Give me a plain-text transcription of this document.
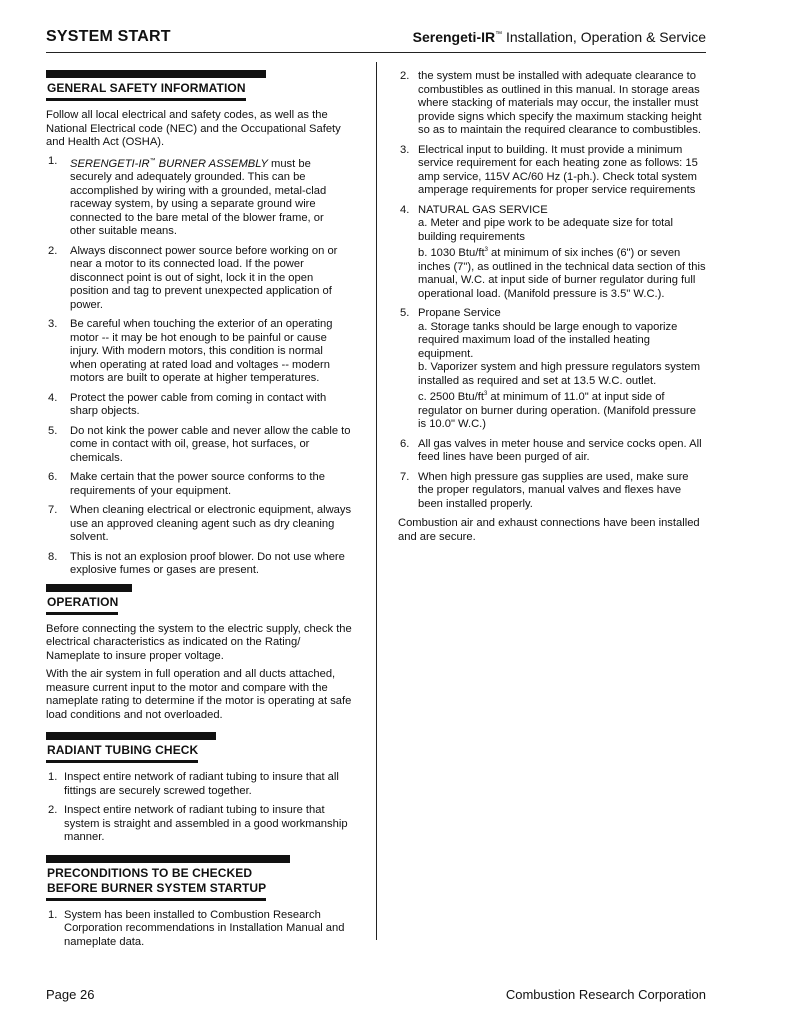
SYSTEM START	Serengeti-IR™ Installation, Operation & Service
GENERAL SAFETY INFORMATION

Follow all local electrical and safety codes, as well as the National Electrical code (NEC) and the Occupational Safety and Health Act (OSHA).

1. SERENGETI-IR™ BURNER ASSEMBLY must be securely and adequately grounded. This can be accomplished by wiring with a grounded, metal-clad raceway system, by using a separate ground wire connected to the bare metal of the blower frame, or other suitable means.
2. Always disconnect power source before working on or near a motor to its connected load. If the power disconnect point is out of sight, lock it in the open position and tag to prevent unexpected application of power.
3. Be careful when touching the exterior of an operating motor -- it may be hot enough to be painful or cause injury. With modern motors, this condition is normal when operating at rated load and voltages -- modern motors are built to operate at higher temperatures.
4. Protect the power cable from coming in contact with sharp objects.
5. Do not kink the power cable and never allow the cable to come in contact with oil, grease, hot surfaces, or chemicals.
6. Make certain that the power source conforms to the requirements of your equipment.
7. When cleaning electrical or electronic equipment, always use an approved cleaning agent such as dry cleaning solvent.
8. This is not an explosion proof blower. Do not use where explosive fumes or gases are present.
OPERATION

Before connecting the system to the electric supply, check the electrical characteristics as indicated on the Rating/ Nameplate to insure proper voltage.

With the air system in full operation and all ducts attached, measure current input to the motor and compare with the nameplate rating to determine if the motor is operating at safe load conditions and not overloaded.

RADIANT TUBING CHECK
1. Inspect entire network of radiant tubing to insure that all fittings are securely screwed together.
2. Inspect entire network of radiant tubing to insure that system is straight and assembled in a good workmanship manner.
PRECONDITIONS TO BE CHECKED
BEFORE BURNER SYSTEM STARTUP
1. System has been installed to Combustion Research Corporation recommendations in Installation Manual and nameplate data.
2. the system must be installed with adequate clearance to combustibles as outlined in this manual. In storage areas where stacking of materials may occur, the installer must provide signs which specify the maximum stacking height so as to maintain the required clearance to combustibles.
3. Electrical input to building. It must provide a minimum service requirement for each heating zone as follows: 15 amp service, 115V AC/60 Hz (1-ph.). Check total system amperage requirements for proper service requirements
4. NATURAL GAS SERVICE
a. Meter and pipe work to be adequate size for total building requirements
b. 1030 Btu/$ft^3$ at minimum of six inches (6") or seven inches (7"), as outlined in the technical data section of this manual, W.C. at input side of burner regulator during full operational load. (Manifold pressure is 3.5" W.C.).
5. Propane Service
a. Storage tanks should be large enough to vaporize required maximum load of the installed heating equipment.
b. Vaporizer system and high pressure regulators system installed as required and set at 13.5 W.C. outlet.
c. 2500 Btu/$ft^3$ at minimum of 11.0" at input side of regulator on burner during operation. (Manifold pressure is 10.0" W.C.)
6. All gas valves in meter house and service cocks open. All feed lines have been purged of air.
7. When high pressure gas supplies are used, make sure the proper regulators, manual valves and flexes have been installed properly.

Combustion air and exhaust connections have been installed and are secure.

Page 26	Combustion Research Corporation
